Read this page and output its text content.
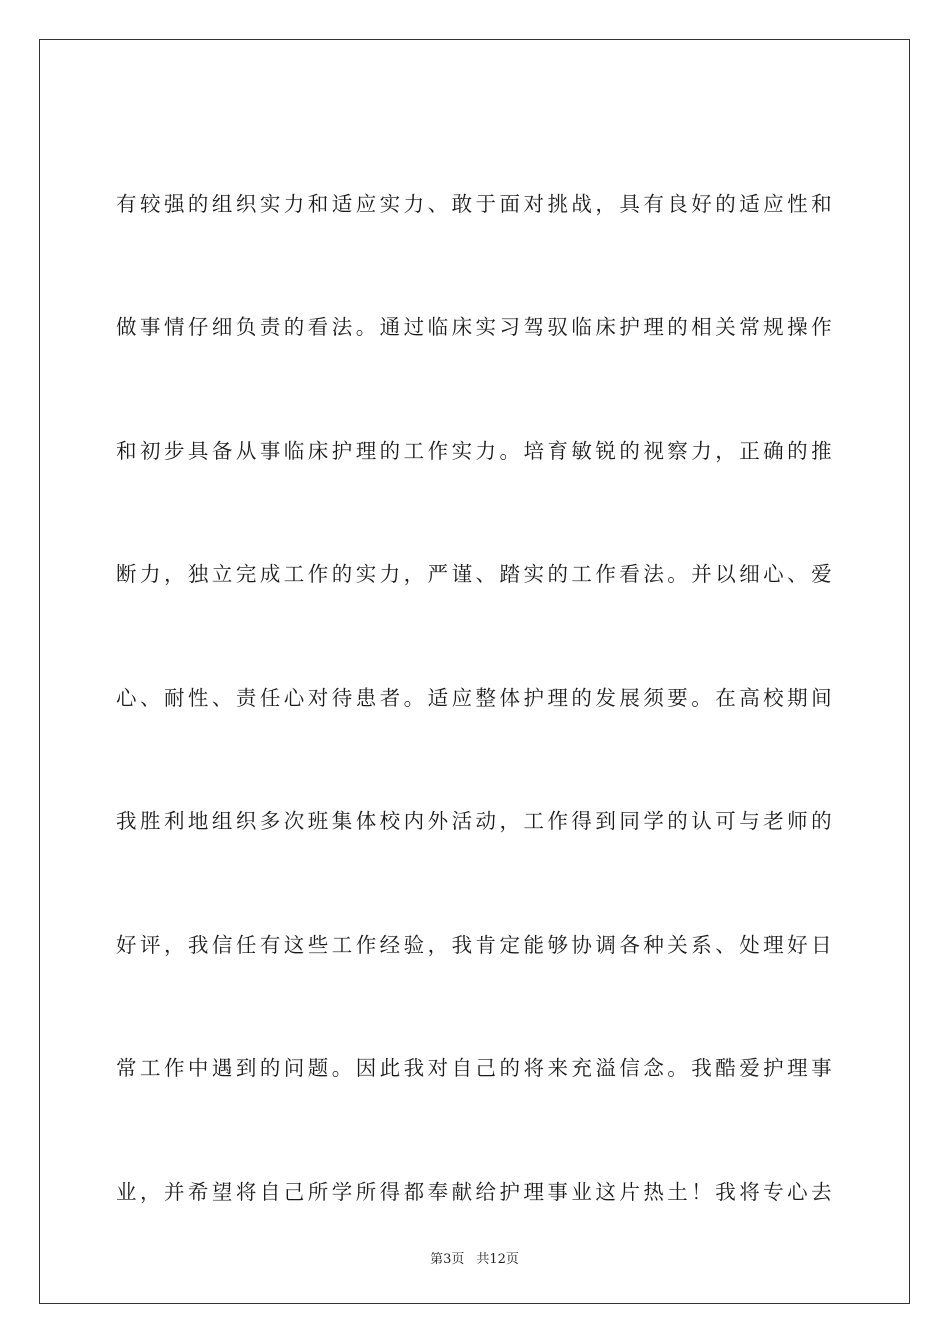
有 较 强 的 组 织 实 力 和 适 应 实 力 、 敢 于 面 对 挑 战 ， 具 有 良 好 的 适 应 性 和
做 事 情 仔 细 负 责 的 看 法 。 通 过 临 床 实 习 驾 驭 临 床 护 理 的 相 关 常 规 操 作
和 初 步 具 备 从 事 临 床 护 理 的 工 作 实 力 。 培 育 敏 锐 的 视 察 力 ， 正 确 的 推
断 力 ， 独 立 完 成 工 作 的 实 力 ， 严 谨 、 踏 实 的 工 作 看 法 。 并 以 细 心 、 爱
心 、 耐 性 、 责 任 心 对 待 患 者 。 适 应 整 体 护 理 的 发 展 须 要 。 在 高 校 期 间
我 胜 利 地 组 织 多 次 班 集 体 校 内 外 活 动 ， 工 作 得 到 同 学 的 认 可 与 老 师 的
好 评 ， 我 信 任 有 这 些 工 作 经 验 ， 我 肯 定 能 够 协 调 各 种 关 系 、 处 理 好 日
常 工 作 中 遇 到 的 问 题 。 因 此 我 对 自 己 的 将 来 充 溢 信 念 。 我 酷 爱 护 理 事
业 ， 并 希 望 将 自 己 所 学 所 得 都 奉 献 给 护 理 事 业 这 片 热 土 ！ 我 将 专 心 去
第3页 共12页
